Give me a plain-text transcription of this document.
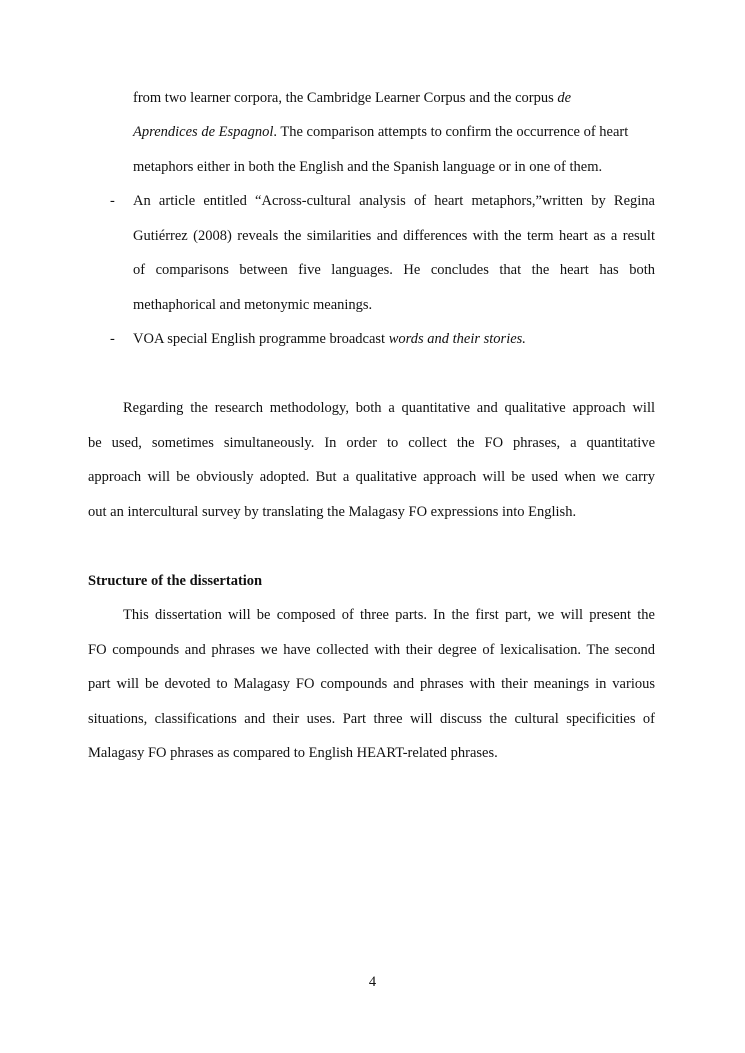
from two learner corpora, the Cambridge Learner Corpus and the corpus de
Aprendices de Espagnol. The comparison attempts to confirm the occurrence of heart
metaphors either in both the English and the Spanish language or in one of them.
- An article entitled “Across-cultural analysis of heart metaphors,”written by Regina
Gutiérrez (2008) reveals the similarities and differences with the term heart as a result
of comparisons between five languages. He concludes that the heart has both
methaphorical and metonymic meanings.
- VOA special English programme broadcast words and their stories.
Regarding the research methodology, both a quantitative and qualitative approach will
be used, sometimes simultaneously. In order to collect the FO phrases, a quantitative
approach will be obviously adopted. But a qualitative approach will be used when we carry
out an intercultural survey by translating the Malagasy FO expressions into English.
Structure of the dissertation
This dissertation will be composed of three parts. In the first part, we will present the
FO compounds and phrases we have collected with their degree of lexicalisation. The second
part will be devoted to Malagasy FO compounds and phrases with their meanings in various
situations, classifications and their uses. Part three will discuss the cultural specificities of
Malagasy FO phrases as compared to English HEART-related phrases.
4
